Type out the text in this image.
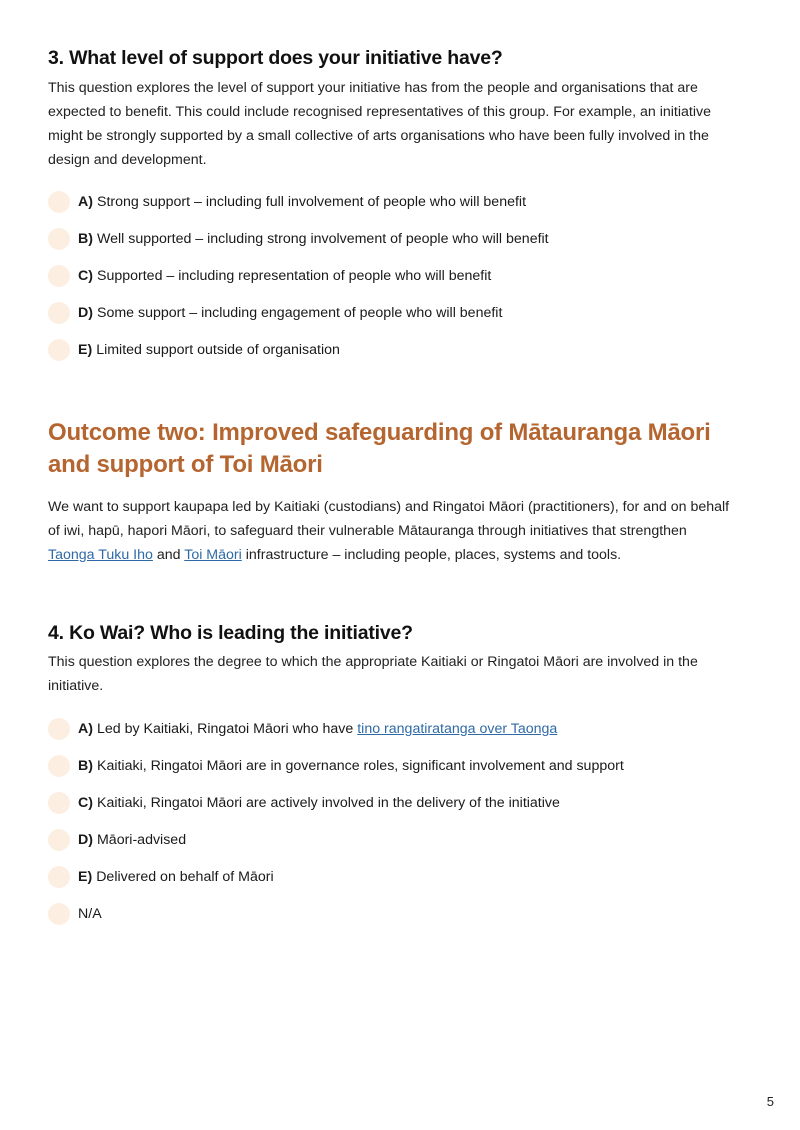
3. What level of support does your initiative have?

This question explores the level of support your initiative has from the people and organisations that are
expected to benefit. This could include recognised representatives of this group. For example, an initiative
might be strongly supported by a small collective of arts organisations who have been fully involved in the
design and development.

A) Strong support – including full involvement of people who will benefit
B) Well supported – including strong involvement of people who will benefit
C) Supported – including representation of people who will benefit
D) Some support – including engagement of people who will benefit
E) Limited support outside of organisation
Outcome two: Improved safeguarding of Mātauranga Māori
and support of Toi Māori

We want to support kaupapa led by Kaitiaki (custodians) and Ringatoi Māori (practitioners), for and on behalf
of iwi, hapū, hapori Māori, to safeguard their vulnerable Mātauranga through initiatives that strengthen
Taonga Tuku Iho and Toi Māori infrastructure – including people, places, systems and tools.

4. Ko Wai? Who is leading the initiative?

This question explores the degree to which the appropriate Kaitiaki or Ringatoi Māori are involved in the
initiative.

A) Led by Kaitiaki, Ringatoi Māori who have tino rangatiratanga over Taonga
B) Kaitiaki, Ringatoi Māori are in governance roles, significant involvement and support
C) Kaitiaki, Ringatoi Māori are actively involved in the delivery of the initiative
D) Māori-advised
E) Delivered on behalf of Māori
N/A
5
